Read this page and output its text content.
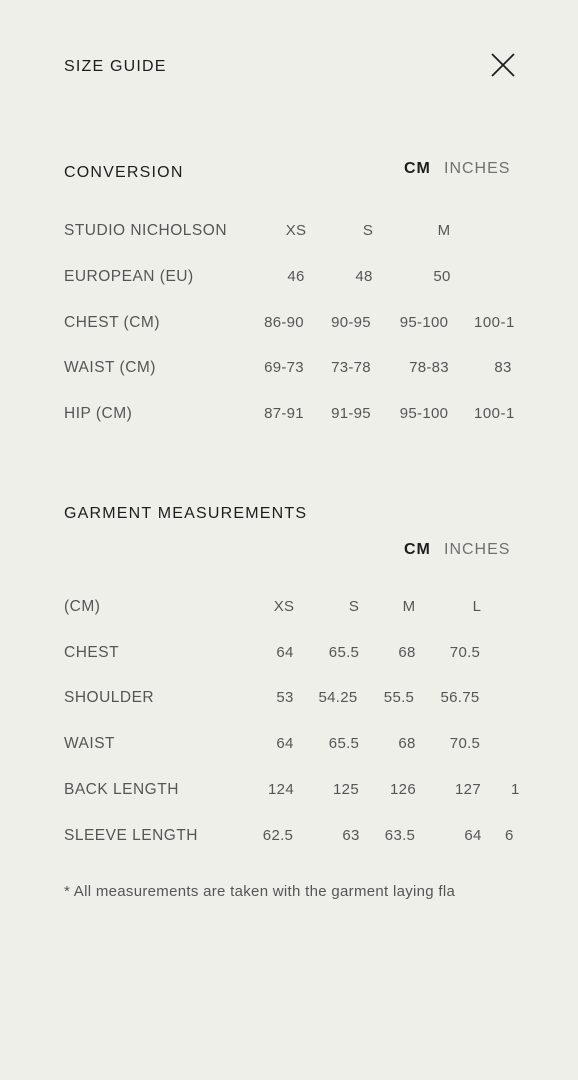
SIZE GUIDE
CONVERSION	CM INCHES
STUDIO NICHOLSON	XS	S	M
EUROPEAN (EU)	46	48	50
CHEST (CM)	86-90 90-95 95-100 100-1
WAIST (CM)	69-73 73-78	78-83	83
HIP (CM)	87-91 91-95 95-100 100-1
GARMENT MEASUREMENTS
CM INCHES
(CM)	XS	S	M	L
CHEST	64 65.5	68 70.5
SHOULDER	53 54.25 55.5 56.75
WAIST	64 65.5	68 70.5
BACK LENGTH	124	125 126	127 1
SLEEVE LENGTH	62.5	63 63.5	64 6
* All measurements are taken with the garment laying fla
